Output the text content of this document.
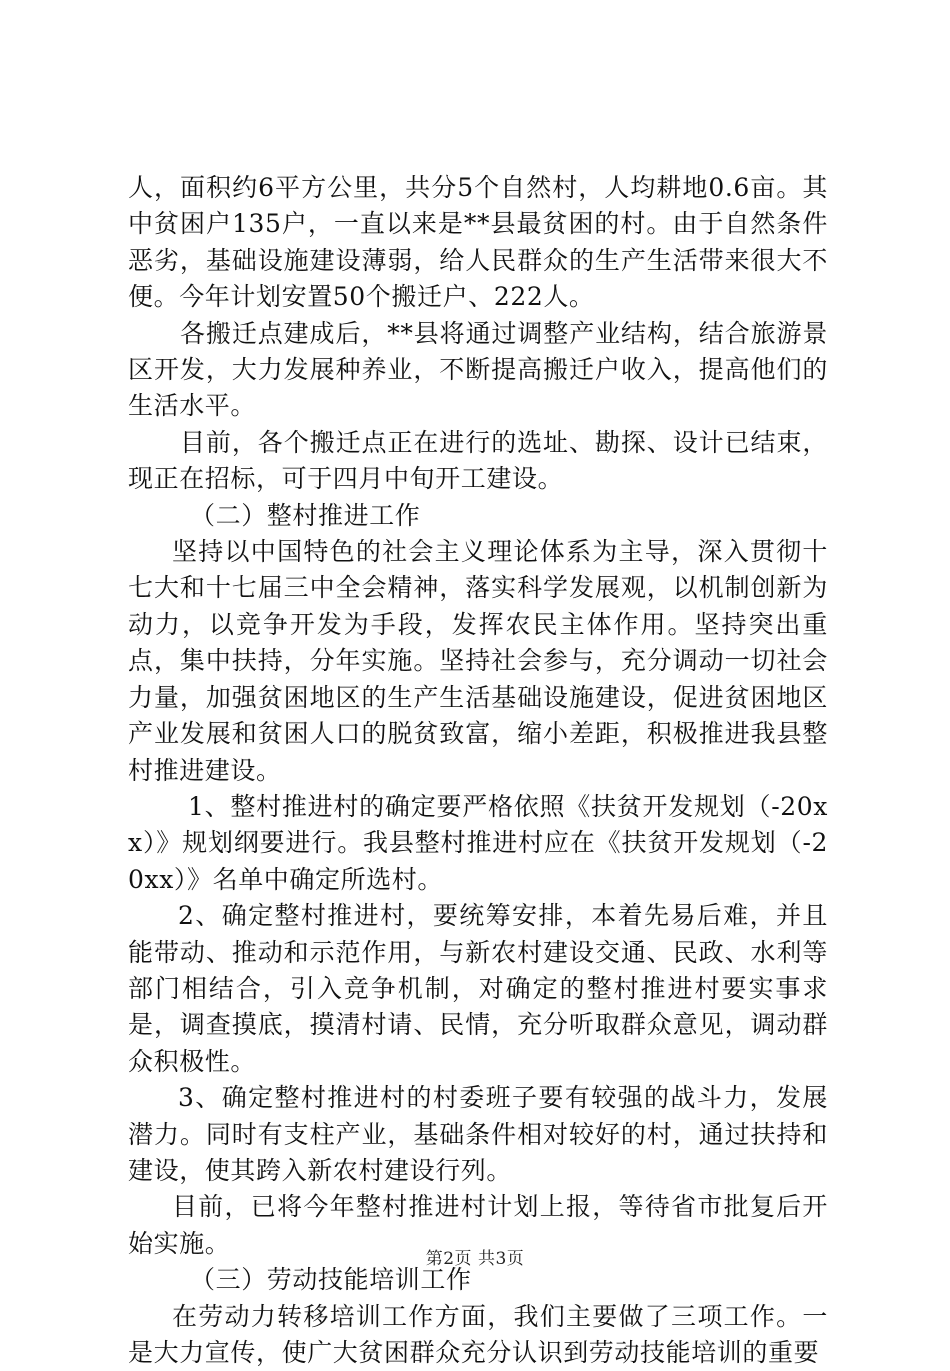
人，面积约6平方公里，共分5个自然村，人均耕地0.6亩。其中贫困户135户，一直以来是**县最贫困的村。由于自然条件恶劣，基础设施建设薄弱，给人民群众的生产生活带来很大不便。今年计划安置50个搬迁户、222人。

各搬迁点建成后，**县将通过调整产业结构，结合旅游景区开发，大力发展种养业，不断提高搬迁户收入，提高他们的生活水平。

目前，各个搬迁点正在进行的选址、勘探、设计已结束，现正在招标，可于四月中旬开工建设。

（二）整村推进工作

坚持以中国特色的社会主义理论体系为主导，深入贯彻十七大和十七届三中全会精神，落实科学发展观，以机制创新为动力，以竞争开发为手段，发挥农民主体作用。坚持突出重点，集中扶持，分年实施。坚持社会参与，充分调动一切社会力量，加强贫困地区的生产生活基础设施建设，促进贫困地区产业发展和贫困人口的脱贫致富，缩小差距，积极推进我县整村推进建设。

1、整村推进村的确定要严格依照《扶贫开发规划（-20xx）》规划纲要进行。我县整村推进村应在《扶贫开发规划（-20xx）》名单中确定所选村。

2、确定整村推进村，要统筹安排，本着先易后难，并且能带动、推动和示范作用，与新农村建设交通、民政、水利等部门相结合，引入竞争机制，对确定的整村推进村要实事求是，调查摸底，摸清村请、民情，充分听取群众意见，调动群众积极性。

3、确定整村推进村的村委班子要有较强的战斗力，发展潜力。同时有支柱产业，基础条件相对较好的村，通过扶持和建设，使其跨入新农村建设行列。

目前，已将今年整村推进村计划上报，等待省市批复后开始实施。

（三）劳动技能培训工作

在劳动力转移培训工作方面，我们主要做了三项工作。一是大力宣传，使广大贫困群众充分认识到劳动技能培训的重要

第2页 共3页
